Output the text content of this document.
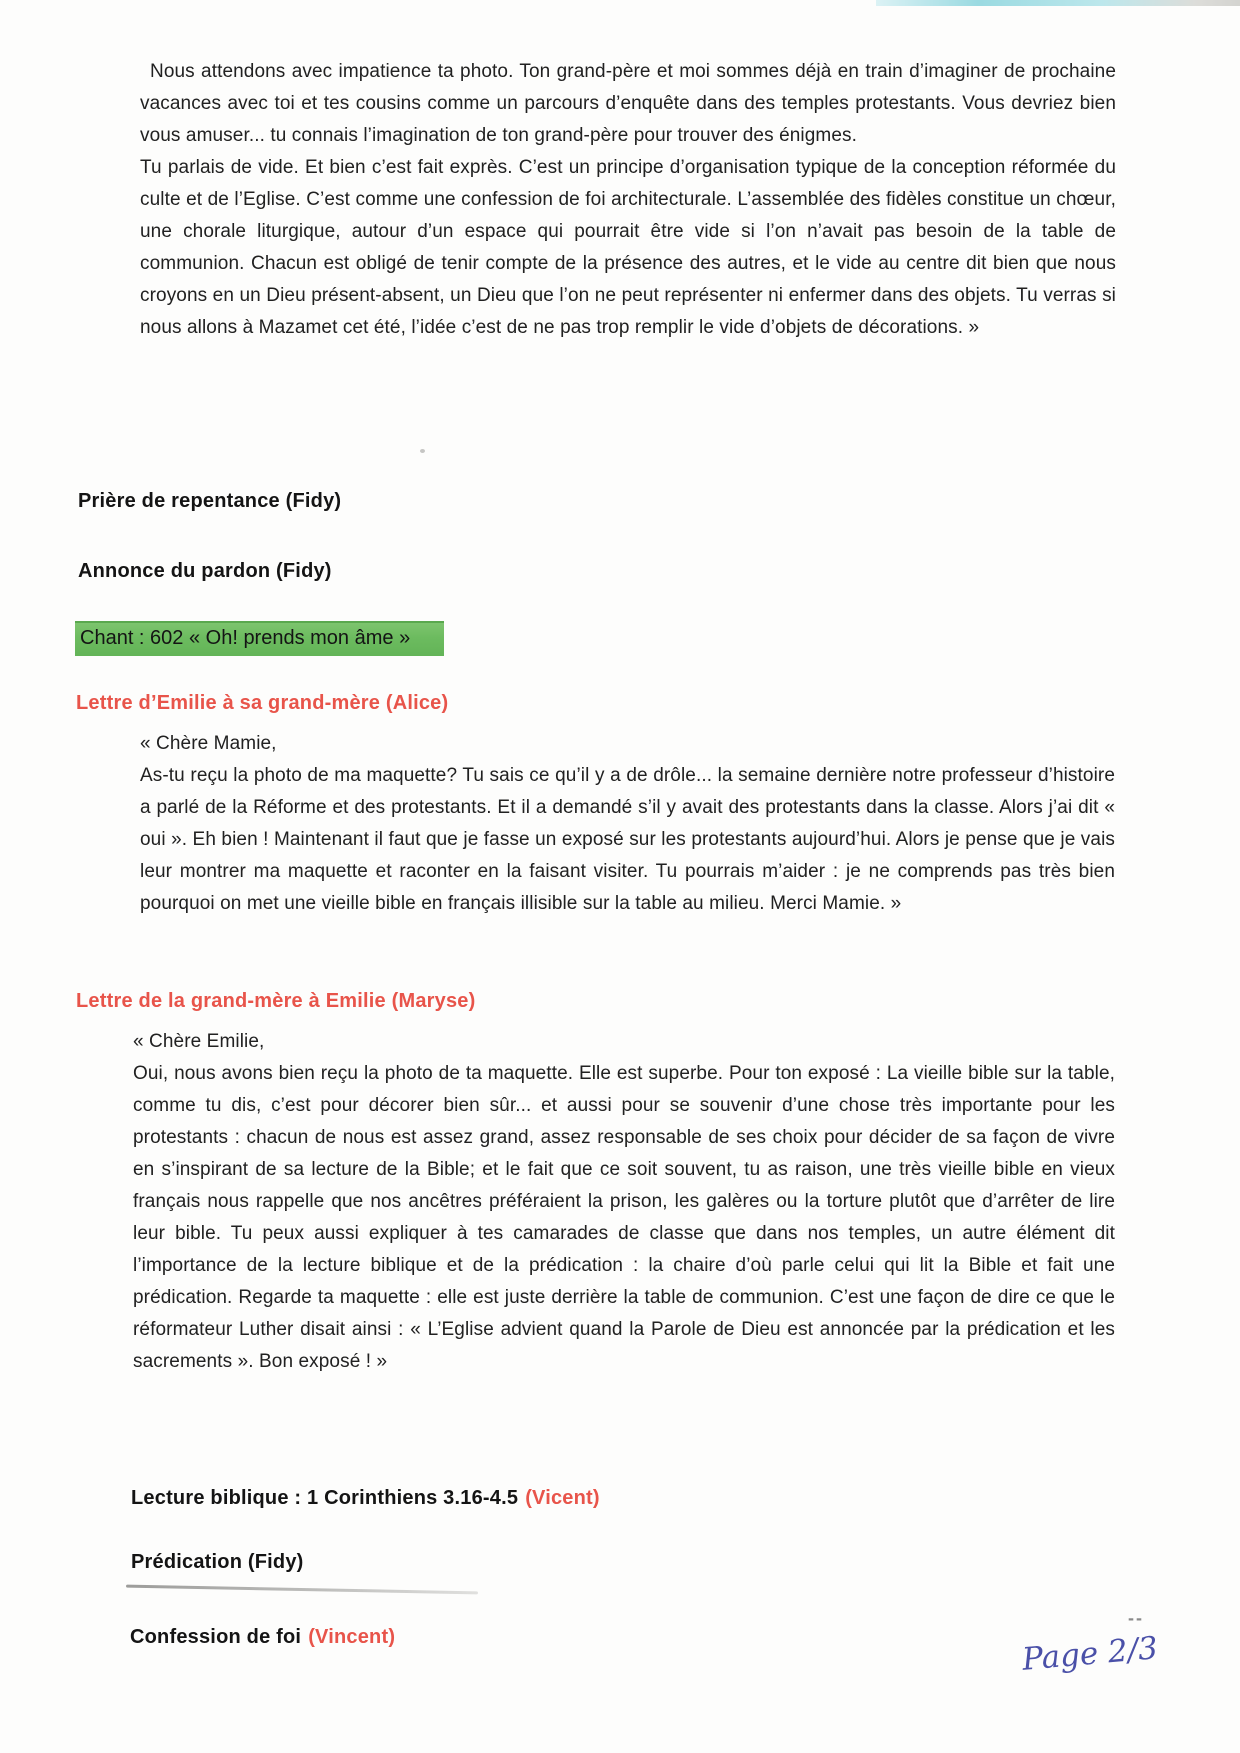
Nous attendons avec impatience ta photo. Ton grand-père et moi sommes déjà en train d’imaginer de prochaine vacances avec toi et tes cousins comme un parcours d’enquête dans des temples protestants. Vous devriez bien vous amuser... tu connais l’imagination de ton grand-père pour trouver des énigmes.

Tu parlais de vide. Et bien c’est fait exprès. C’est un principe d’organisation typique de la conception réformée du culte et de l’Eglise. C’est comme une confession de foi architecturale. L’assemblée des fidèles constitue un chœur, une chorale liturgique, autour d’un espace qui pourrait être vide si l’on n’avait pas besoin de la table de communion. Chacun est obligé de tenir compte de la présence des autres, et le vide au centre dit bien que nous croyons en un Dieu présent-absent, un Dieu que l’on ne peut représenter ni enfermer dans des objets. Tu verras si nous allons à Mazamet cet été, l’idée c’est de ne pas trop remplir le vide d’objets de décorations. »

Prière de repentance (Fidy)
Annonce du pardon (Fidy)
Chant : 602 « Oh! prends mon âme »
Lettre d’Emilie à sa grand-mère (Alice)

« Chère Mamie,

As-tu reçu la photo de ma maquette? Tu sais ce qu’il y a de drôle... la semaine dernière notre professeur d’histoire a parlé de la Réforme et des protestants. Et il a demandé s’il y avait des protestants dans la classe. Alors j’ai dit « oui ». Eh bien ! Maintenant il faut que je fasse un exposé sur les protestants aujourd’hui. Alors je pense que je vais leur montrer ma maquette et raconter en la faisant visiter. Tu pourrais m’aider : je ne comprends pas très bien pourquoi on met une vieille bible en français illisible sur la table au milieu. Merci Mamie. »

Lettre de la grand-mère à Emilie (Maryse)

« Chère Emilie,

Oui, nous avons bien reçu la photo de ta maquette. Elle est superbe. Pour ton exposé : La vieille bible sur la table, comme tu dis, c’est pour décorer bien sûr... et aussi pour se souvenir d’une chose très importante pour les protestants : chacun de nous est assez grand, assez responsable de ses choix pour décider de sa façon de vivre en s’inspirant de sa lecture de la Bible; et le fait que ce soit souvent, tu as raison, une très vieille bible en vieux français nous rappelle que nos ancêtres préféraient la prison, les galères ou la torture plutôt que d’arrêter de lire leur bible. Tu peux aussi expliquer à tes camarades de classe que dans nos temples, un autre élément dit l’importance de la lecture biblique et de la prédication : la chaire d’où parle celui qui lit la Bible et fait une prédication. Regarde ta maquette : elle est juste derrière la table de communion. C’est une façon de dire ce que le réformateur Luther disait ainsi : « L’Eglise advient quand la Parole de Dieu est annoncée par la prédication et les sacrements ». Bon exposé ! »

Lecture biblique : 1 Corinthiens 3.16-4.5 (Vicent)
Prédication (Fidy)
Confession de foi (Vincent)
--
Page 2/3
